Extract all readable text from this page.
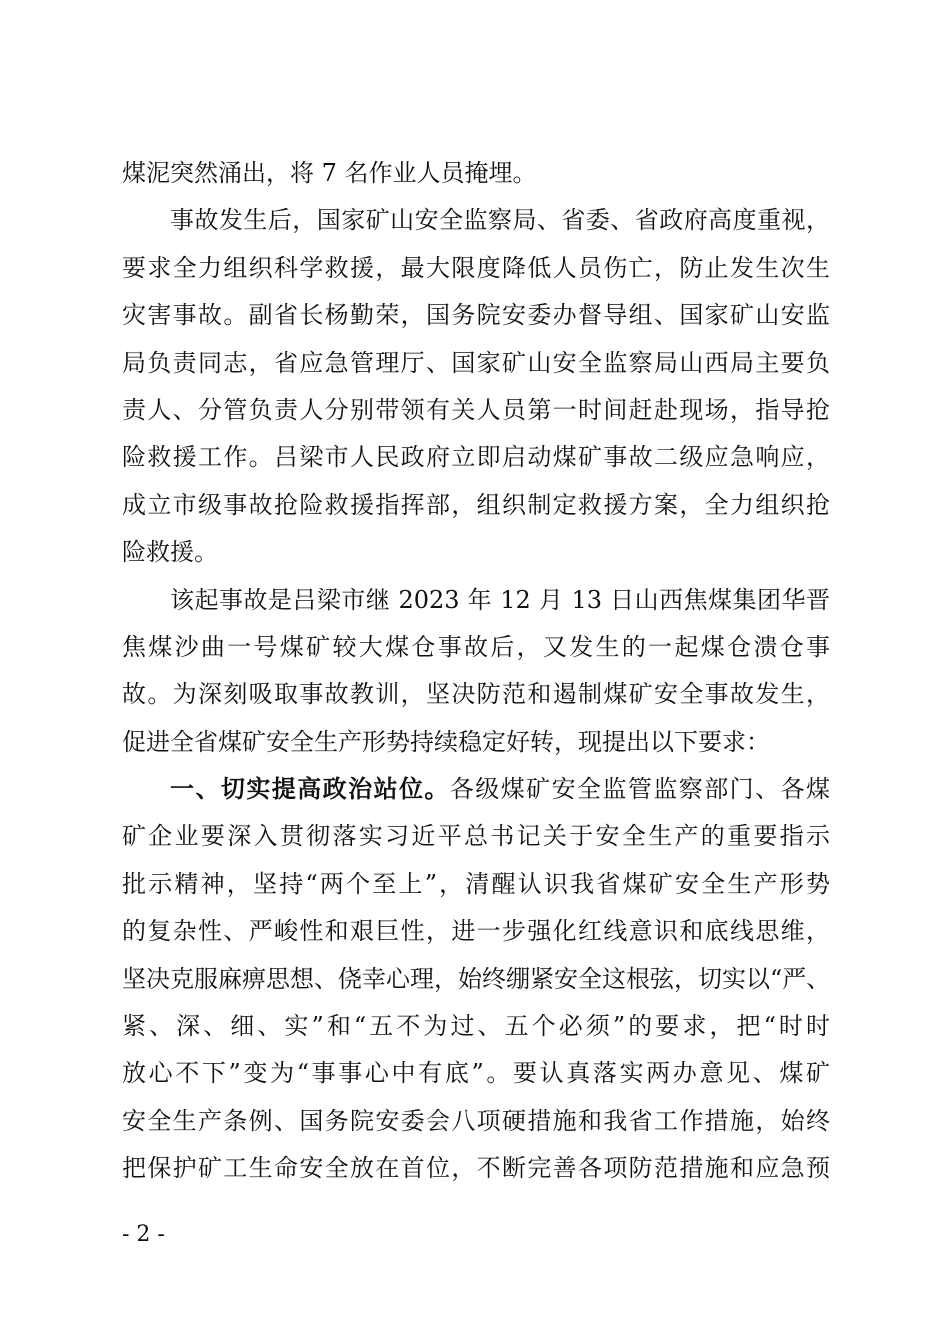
煤泥突然涌出，将 7 名作业人员掩埋。
事故发生后，国家矿山安全监察局、省委、省政府高度重视，
要求全力组织科学救援，最大限度降低人员伤亡，防止发生次生
灾害事故。副省长杨勤荣，国务院安委办督导组、国家矿山安监
局负责同志，省应急管理厅、国家矿山安全监察局山西局主要负
责人、分管负责人分别带领有关人员第一时间赶赴现场，指导抢
险救援工作。吕梁市人民政府立即启动煤矿事故二级应急响应，
成立市级事故抢险救援指挥部，组织制定救援方案，全力组织抢
险救援。
该起事故是吕梁市继 2023 年 12 月 13 日山西焦煤集团华晋
焦煤沙曲一号煤矿较大煤仓事故后，又发生的一起煤仓溃仓事
故。为深刻吸取事故教训，坚决防范和遏制煤矿安全事故发生，
促进全省煤矿安全生产形势持续稳定好转，现提出以下要求：
一、切实提高政治站位。各级煤矿安全监管监察部门、各煤
矿企业要深入贯彻落实习近平总书记关于安全生产的重要指示
批示精神，坚持“两个至上”，清醒认识我省煤矿安全生产形势
的复杂性、严峻性和艰巨性，进一步强化红线意识和底线思维，
坚决克服麻痹思想、侥幸心理，始终绷紧安全这根弦，切实以“严、
紧、深、细、实”和“五不为过、五个必须”的要求，把“时时
放心不下”变为“事事心中有底”。要认真落实两办意见、煤矿
安全生产条例、国务院安委会八项硬措施和我省工作措施，始终
把保护矿工生命安全放在首位，不断完善各项防范措施和应急预
- 2 -
